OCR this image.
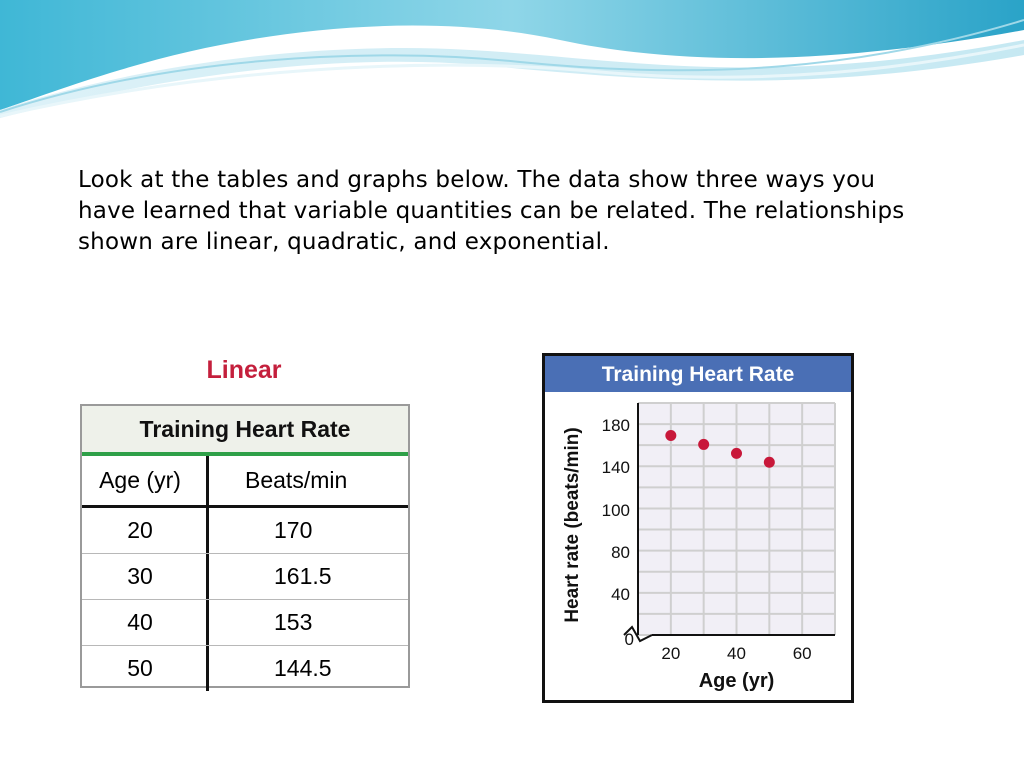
Look at the tables and graphs below. The data show three ways you have learned that variable quantities can be related. The relationships shown are linear, quadratic, and exponential.
Linear
Training Heart Rate
Age (yr)	Beats/min
20	170
30	161.5
40	153
50	144.5
Training Heart Rate
180
140
100
80
40
0
20	40	60
Age (yr)
Heart rate (beats/min)
